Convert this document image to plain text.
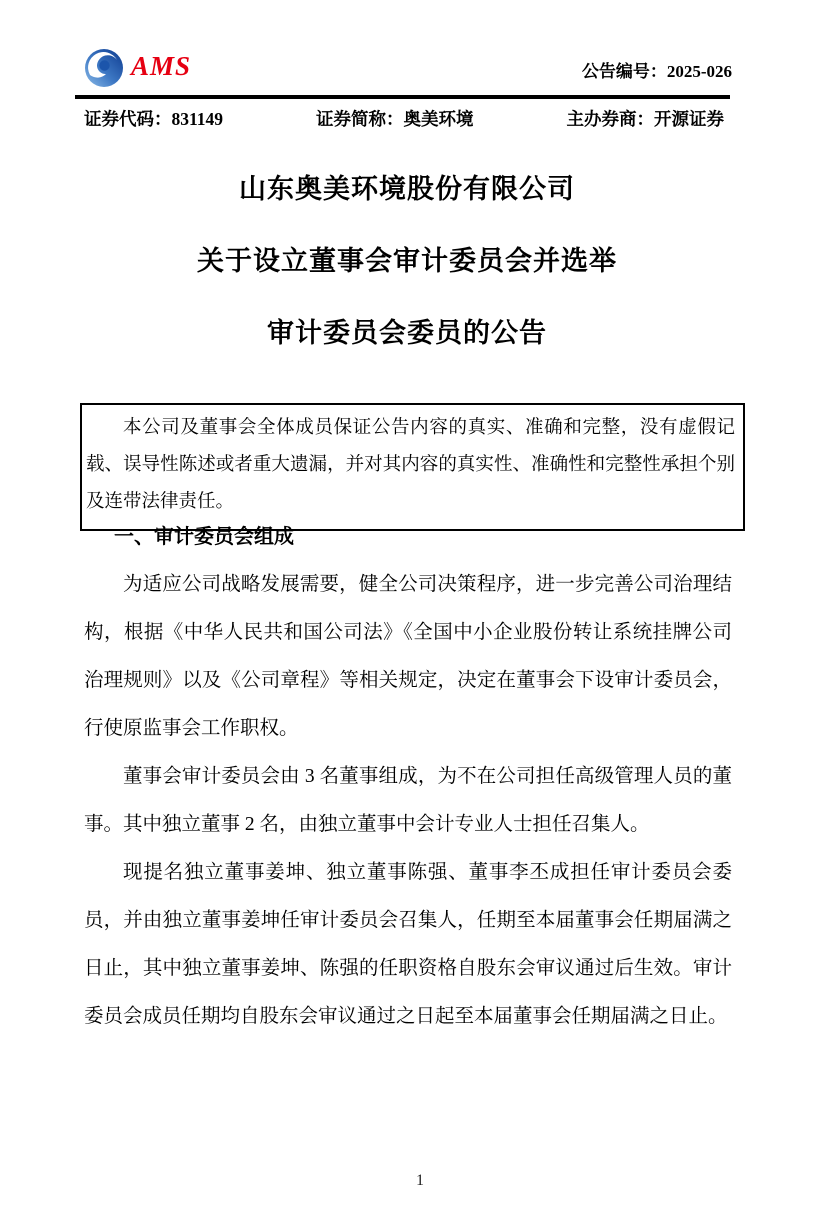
AMS	公告编号：2025-026
证券代码：831149	证券简称：奥美环境	主办券商：开源证券
山东奥美环境股份有限公司
关于设立董事会审计委员会并选举
审计委员会委员的公告

本公司及董事会全体成员保证公告内容的真实、准确和完整，没有虚假记载、误导性陈述或者重大遗漏，并对其内容的真实性、准确性和完整性承担个别及连带法律责任。

一、审计委员会组成

为适应公司战略发展需要，健全公司决策程序，进一步完善公司治理结构，根据《中华人民共和国公司法》《全国中小企业股份转让系统挂牌公司治理规则》以及《公司章程》等相关规定，决定在董事会下设审计委员会，行使原监事会工作职权。

董事会审计委员会由 3 名董事组成，为不在公司担任高级管理人员的董事。其中独立董事 2 名，由独立董事中会计专业人士担任召集人。

现提名独立董事姜坤、独立董事陈强、董事李丕成担任审计委员会委员，并由独立董事姜坤任审计委员会召集人，任期至本届董事会任期届满之日止，其中独立董事姜坤、陈强的任职资格自股东会审议通过后生效。审计委员会成员任期均自股东会审议通过之日起至本届董事会任期届满之日止。

1
